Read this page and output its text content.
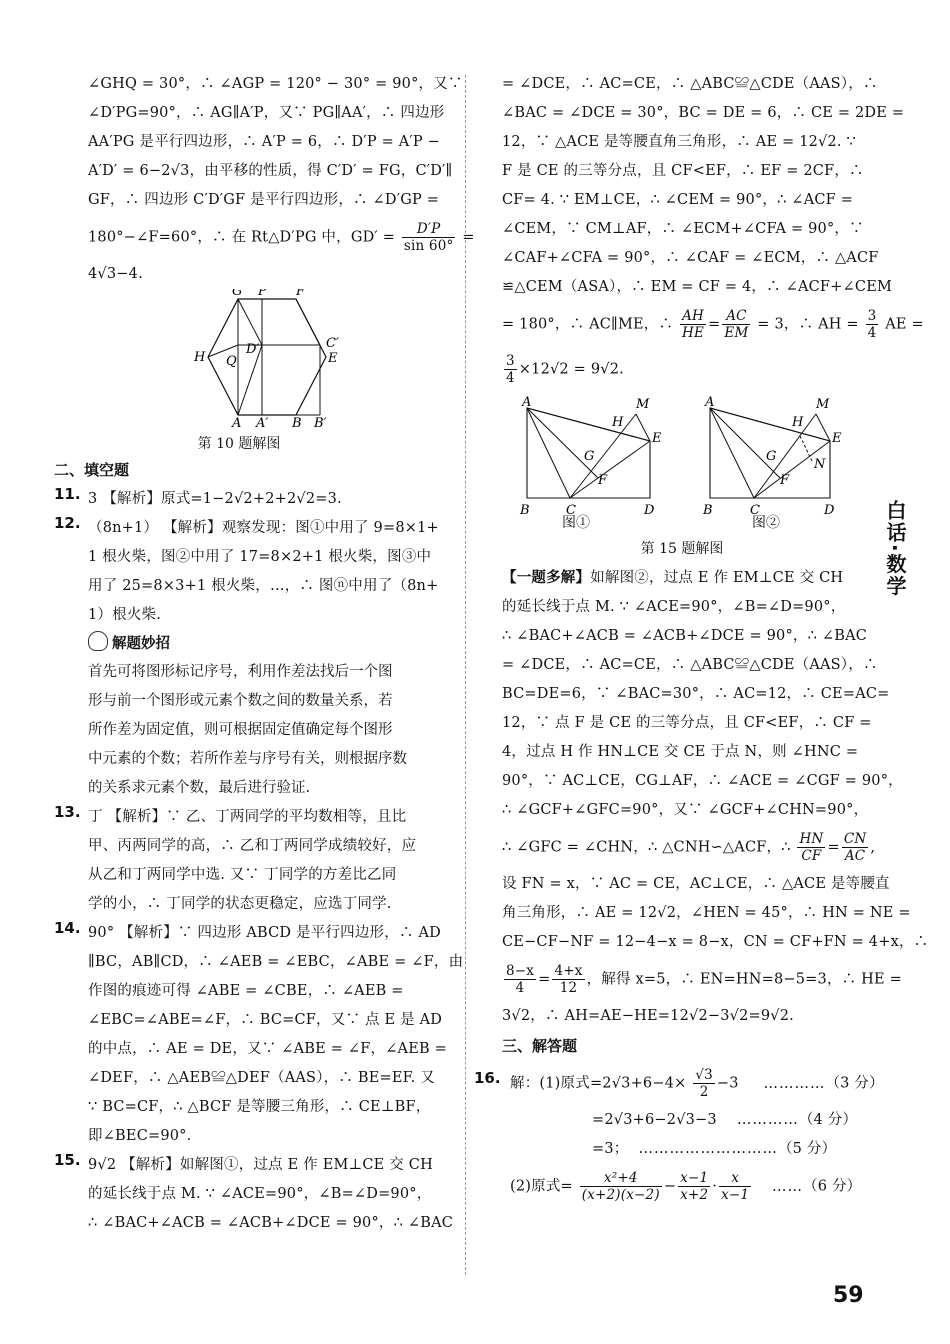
∠GHQ = 30°，∴ ∠AGP = 120° − 30° = 90°，又∵
∠D′PG=90°，∴ AG∥A′P，又∵ PG∥AA′，∴ 四边形
AA′PG 是平行四边形，∴ A′P = 6，∴ D′P = A′P −
A′D′ = 6−2√3，由平移的性质，得 C′D′ = FG，C′D′∥
GF，∴ 四边形 C′D′GF 是平行四边形，∴ ∠D′GP =
180°−∠F=60°，∴ 在 Rt△D′PG 中，$GD' = \frac{D'P}{\sin 60^\circ}$ =
4√3−4.
G P F
H Q
D′	C′
E
A A′ B B′
第 10 题解图
二、填空题
11. 3 【解析】原式=1−2√2+2+2√2=3.
12. （8n+1） 【解析】观察发现：图①中用了 9=8×1+
1 根火柴，图②中用了 17=8×2+1 根火柴，图③中
用了 25=8×3+1 根火柴，…，∴ 图ⓝ中用了（8n+
1）根火柴.
解题妙招
首先可将图形标记序号，利用作差法找后一个图
形与前一个图形或元素个数之间的数量关系，若
所作差为固定值，则可根据固定值确定每个图形
中元素的个数；若所作差与序号有关，则根据序数
的关系求元素个数，最后进行验证.
13. 丁 【解析】∵ 乙、丁两同学的平均数相等，且比
甲、丙两同学的高，∴ 乙和丁两同学成绩较好，应
从乙和丁两同学中选. 又∵ 丁同学的方差比乙同
学的小，∴ 丁同学的状态更稳定，应选丁同学.
14. 90° 【解析】∵ 四边形 ABCD 是平行四边形，∴ AD
∥BC，AB∥CD，∴ ∠AEB = ∠EBC，∠ABE = ∠F，由
作图的痕迹可得 ∠ABE = ∠CBE，∴ ∠AEB =
∠EBC=∠ABE=∠F，∴ BC=CF，又∵ 点 E 是 AD
的中点，∴ AE = DE，又∵ ∠ABE = ∠F，∠AEB =
∠DEF，∴ △AEB≌△DEF（AAS），∴ BE=EF. 又
∵ BC=CF，∴ △BCF 是等腰三角形，∴ CE⊥BF，
即∠BEC=90°.
15. 9√2 【解析】如解图①，过点 E 作 EM⊥CE 交 CH
的延长线于点 M. ∵ ∠ACE=90°，∠B=∠D=90°，
∴ ∠BAC+∠ACB = ∠ACB+∠DCE = 90°，∴ ∠BAC
= ∠DCE，∴ AC=CE，∴ △ABC≌△CDE（AAS），∴
∠BAC = ∠DCE = 30°，BC = DE = 6，∴ CE = 2DE =
12，∵ △ACE 是等腰直角三角形，∴ AE = 12√2. ∵
F 是 CE 的三等分点，且 CF<EF，∴ EF = 2CF，∴
CF= 4. ∵ EM⊥CE，∴ ∠CEM = 90°，∴ ∠ACF =
∠CEM，∵ CM⊥AF，∴ ∠ECM+∠CFA = 90°，∵
∠CAF+∠CFA = 90°，∴ ∠CAF = ∠ECM，∴ △ACF
≌△CEM（ASA），∴ EM = CF = 4，∴ ∠ACF+∠CEM
= 180°，∴ AC∥ME，∴ $\frac{AH}{HE} = \frac{AC}{EM} = 3$，∴ AH = $\frac{3}{4}$ AE =
$\frac{3}{4} \times 12√2 = 9√2$.
A	M
H
E
G
F
B	C	D
A	M
H
E
G
N
F
B	C	D
图①	图②
第 15 题解图
【一题多解】如解图②，过点 E 作 EM⊥CE 交 CH
的延长线于点 M. ∵ ∠ACE=90°，∠B=∠D=90°，
∴ ∠BAC+∠ACB = ∠ACB+∠DCE = 90°，∴ ∠BAC
= ∠DCE，∴ AC=CE，∴ △ABC≌△CDE（AAS），∴
BC=DE=6，∵ ∠BAC=30°，∴ AC=12，∴ CE=AC=
12，∵ 点 F 是 CE 的三等分点，且 CF<EF，∴ CF =
4，过点 H 作 HN⊥CE 交 CE 于点 N，则 ∠HNC =
90°，∵ AC⊥CE，CG⊥AF，∴ ∠ACE = ∠CGF = 90°，
∴ ∠GCF+∠GFC=90°，又∵ ∠GCF+∠CHN=90°，
∴ ∠GFC = ∠CHN，∴ △CNH∽△ACF，∴ $\frac{HN}{CF} = \frac{CN}{AC}$ ,
设 FN = x，∵ AC = CE，AC⊥CE，∴ △ACE 是等腰直
角三角形，∴ AE = 12√2，∠HEN = 45°，∴ HN = NE =
CE−CF−NF = 12−4−x = 8−x，CN = CF+FN = 4+x，∴
$\frac{8-x}{4} = \frac{4+x}{12}$ ，解得 x=5，∴ EN=HN=8−5=3，∴ HE =
3√2，∴ AH=AE−HE=12√2−3√2=9√2.
三、解答题
16. 解：(1)原式$=2√3+6-4\times \frac{√3}{2} -3$ …………（3 分）
=2√3+6−2√3−3 …………（4 分）
=3； ………………………（5 分）
(2)原式= $\frac{\text{x²+4}}{(x+2)(x-2)} - \frac{x-1}{x+2} \cdot \frac{x}{x-1}$ ……（6 分）
白话·数学
59
